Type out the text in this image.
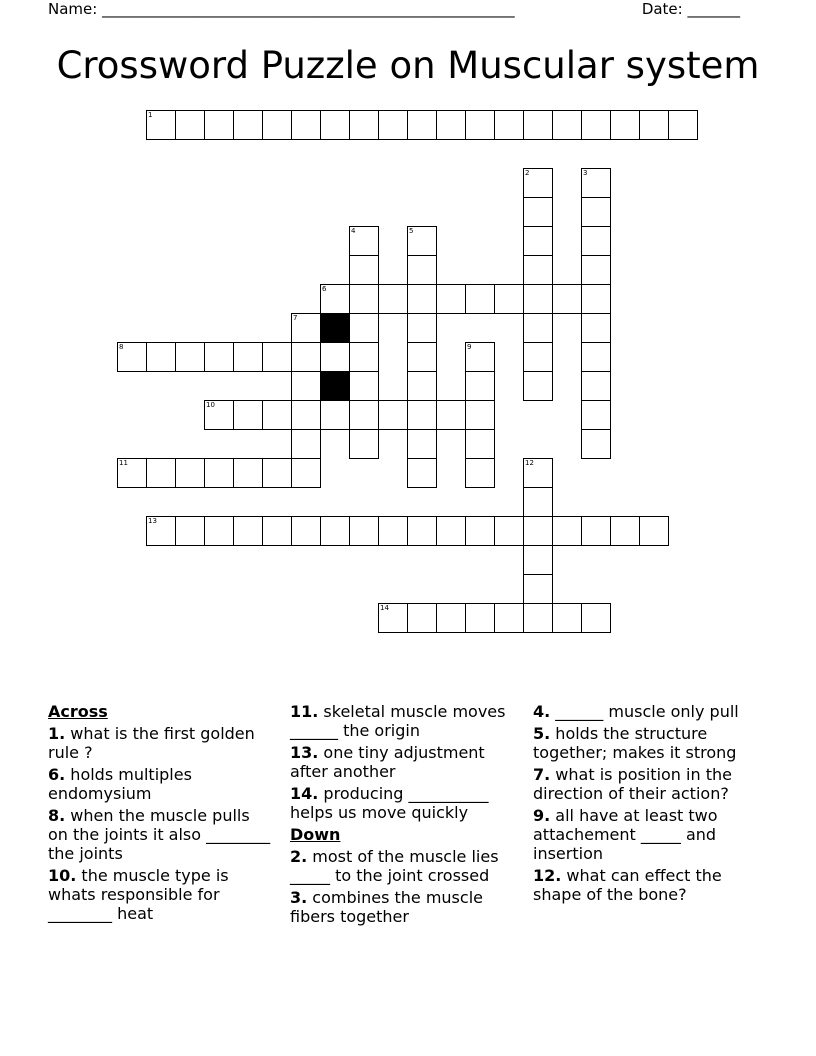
Name: _______________________________________________________	Date: _______
Crossword Puzzle on Muscular system
1
2	3
4	5
6
7
8	9
10
11	12
13
14
Across
1. what is the first golden rule ?
6. holds multiples endomysium
8. when the muscle pulls on the joints it also ________ the joints
10. the muscle type is whats responsible for ________ heat
11. skeletal muscle moves ______ the origin
13. one tiny adjustment after another
14. producing __________ helps us move quickly
Down
2. most of the muscle lies _____ to the joint crossed
3. combines the muscle fibers together
4. ______ muscle only pull
5. holds the structure together; makes it strong
7. what is position in the direction of their action?
9. all have at least two attachement _____ and insertion
12. what can effect the shape of the bone?
